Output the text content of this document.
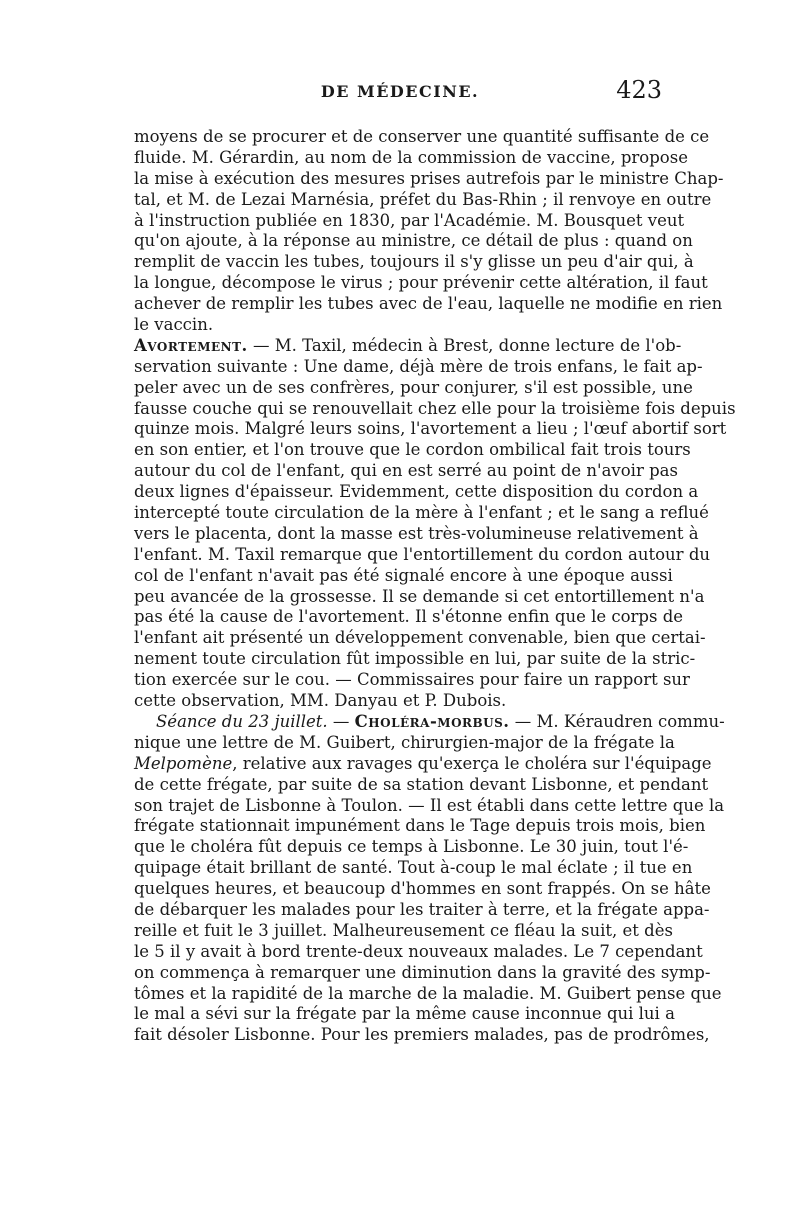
DE MÉDECINE.	423
moyens de se procurer et de conserver une quantité suffisante de ce
fluide. M. Gérardin, au nom de la commission de vaccine, propose
la mise à exécution des mesures prises autrefois par le ministre Chap-
tal, et M. de Lezai Marnésia, préfet du Bas-Rhin ; il renvoye en outre
à l'instruction publiée en 1830, par l'Académie. M. Bousquet veut
qu'on ajoute, à la réponse au ministre, ce détail de plus : quand on
remplit de vaccin les tubes, toujours il s'y glisse un peu d'air qui, à
la longue, décompose le virus ; pour prévenir cette altération, il faut
achever de remplir les tubes avec de l'eau, laquelle ne modifie en rien
le vaccin.
Avortement. — M. Taxil, médecin à Brest, donne lecture de l'ob-
servation suivante : Une dame, déjà mère de trois enfans, le fait ap-
peler avec un de ses confrères, pour conjurer, s'il est possible, une
fausse couche qui se renouvellait chez elle pour la troisième fois depuis
quinze mois. Malgré leurs soins, l'avortement a lieu ; l'œuf abortif sort
en son entier, et l'on trouve que le cordon ombilical fait trois tours
autour du col de l'enfant, qui en est serré au point de n'avoir pas
deux lignes d'épaisseur. Evidemment, cette disposition du cordon a
intercepté toute circulation de la mère à l'enfant ; et le sang a reflué
vers le placenta, dont la masse est très-volumineuse relativement à
l'enfant. M. Taxil remarque que l'entortillement du cordon autour du
col de l'enfant n'avait pas été signalé encore à une époque aussi
peu avancée de la grossesse. Il se demande si cet entortillement n'a
pas été la cause de l'avortement. Il s'étonne enfin que le corps de
l'enfant ait présenté un développement convenable, bien que certai-
nement toute circulation fût impossible en lui, par suite de la stric-
tion exercée sur le cou. — Commissaires pour faire un rapport sur
cette observation, MM. Danyau et P. Dubois.
Séance du 23 juillet. — Choléra-morbus. — M. Kéraudren commu-
nique une lettre de M. Guibert, chirurgien-major de la frégate la
Melpomène, relative aux ravages qu'exerça le choléra sur l'équipage
de cette frégate, par suite de sa station devant Lisbonne, et pendant
son trajet de Lisbonne à Toulon. — Il est établi dans cette lettre que la
frégate stationnait impunément dans le Tage depuis trois mois, bien
que le choléra fût depuis ce temps à Lisbonne. Le 30 juin, tout l'é-
quipage était brillant de santé. Tout à-coup le mal éclate ; il tue en
quelques heures, et beaucoup d'hommes en sont frappés. On se hâte
de débarquer les malades pour les traiter à terre, et la frégate appa-
reille et fuit le 3 juillet. Malheureusement ce fléau la suit, et dès
le 5 il y avait à bord trente-deux nouveaux malades. Le 7 cependant
on commença à remarquer une diminution dans la gravité des symp-
tômes et la rapidité de la marche de la maladie. M. Guibert pense que
le mal a sévi sur la frégate par la même cause inconnue qui lui a
fait désoler Lisbonne. Pour les premiers malades, pas de prodrômes,
